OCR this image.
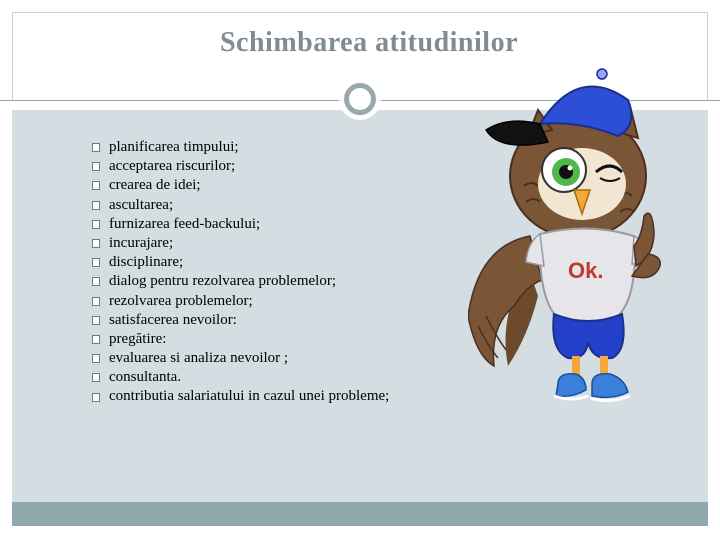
Schimbarea atitudinilor
planificarea timpului;
acceptarea riscurilor;
crearea de idei;
ascultarea;
furnizarea feed-backului;
incurajare;
disciplinare;
dialog pentru rezolvarea problemelor;
rezolvarea problemelor;
satisfacerea nevoilor:
pregătire:
evaluarea si analiza nevoilor ;
consultanta.
contributia salariatului in cazul unei probleme;
Ok.
